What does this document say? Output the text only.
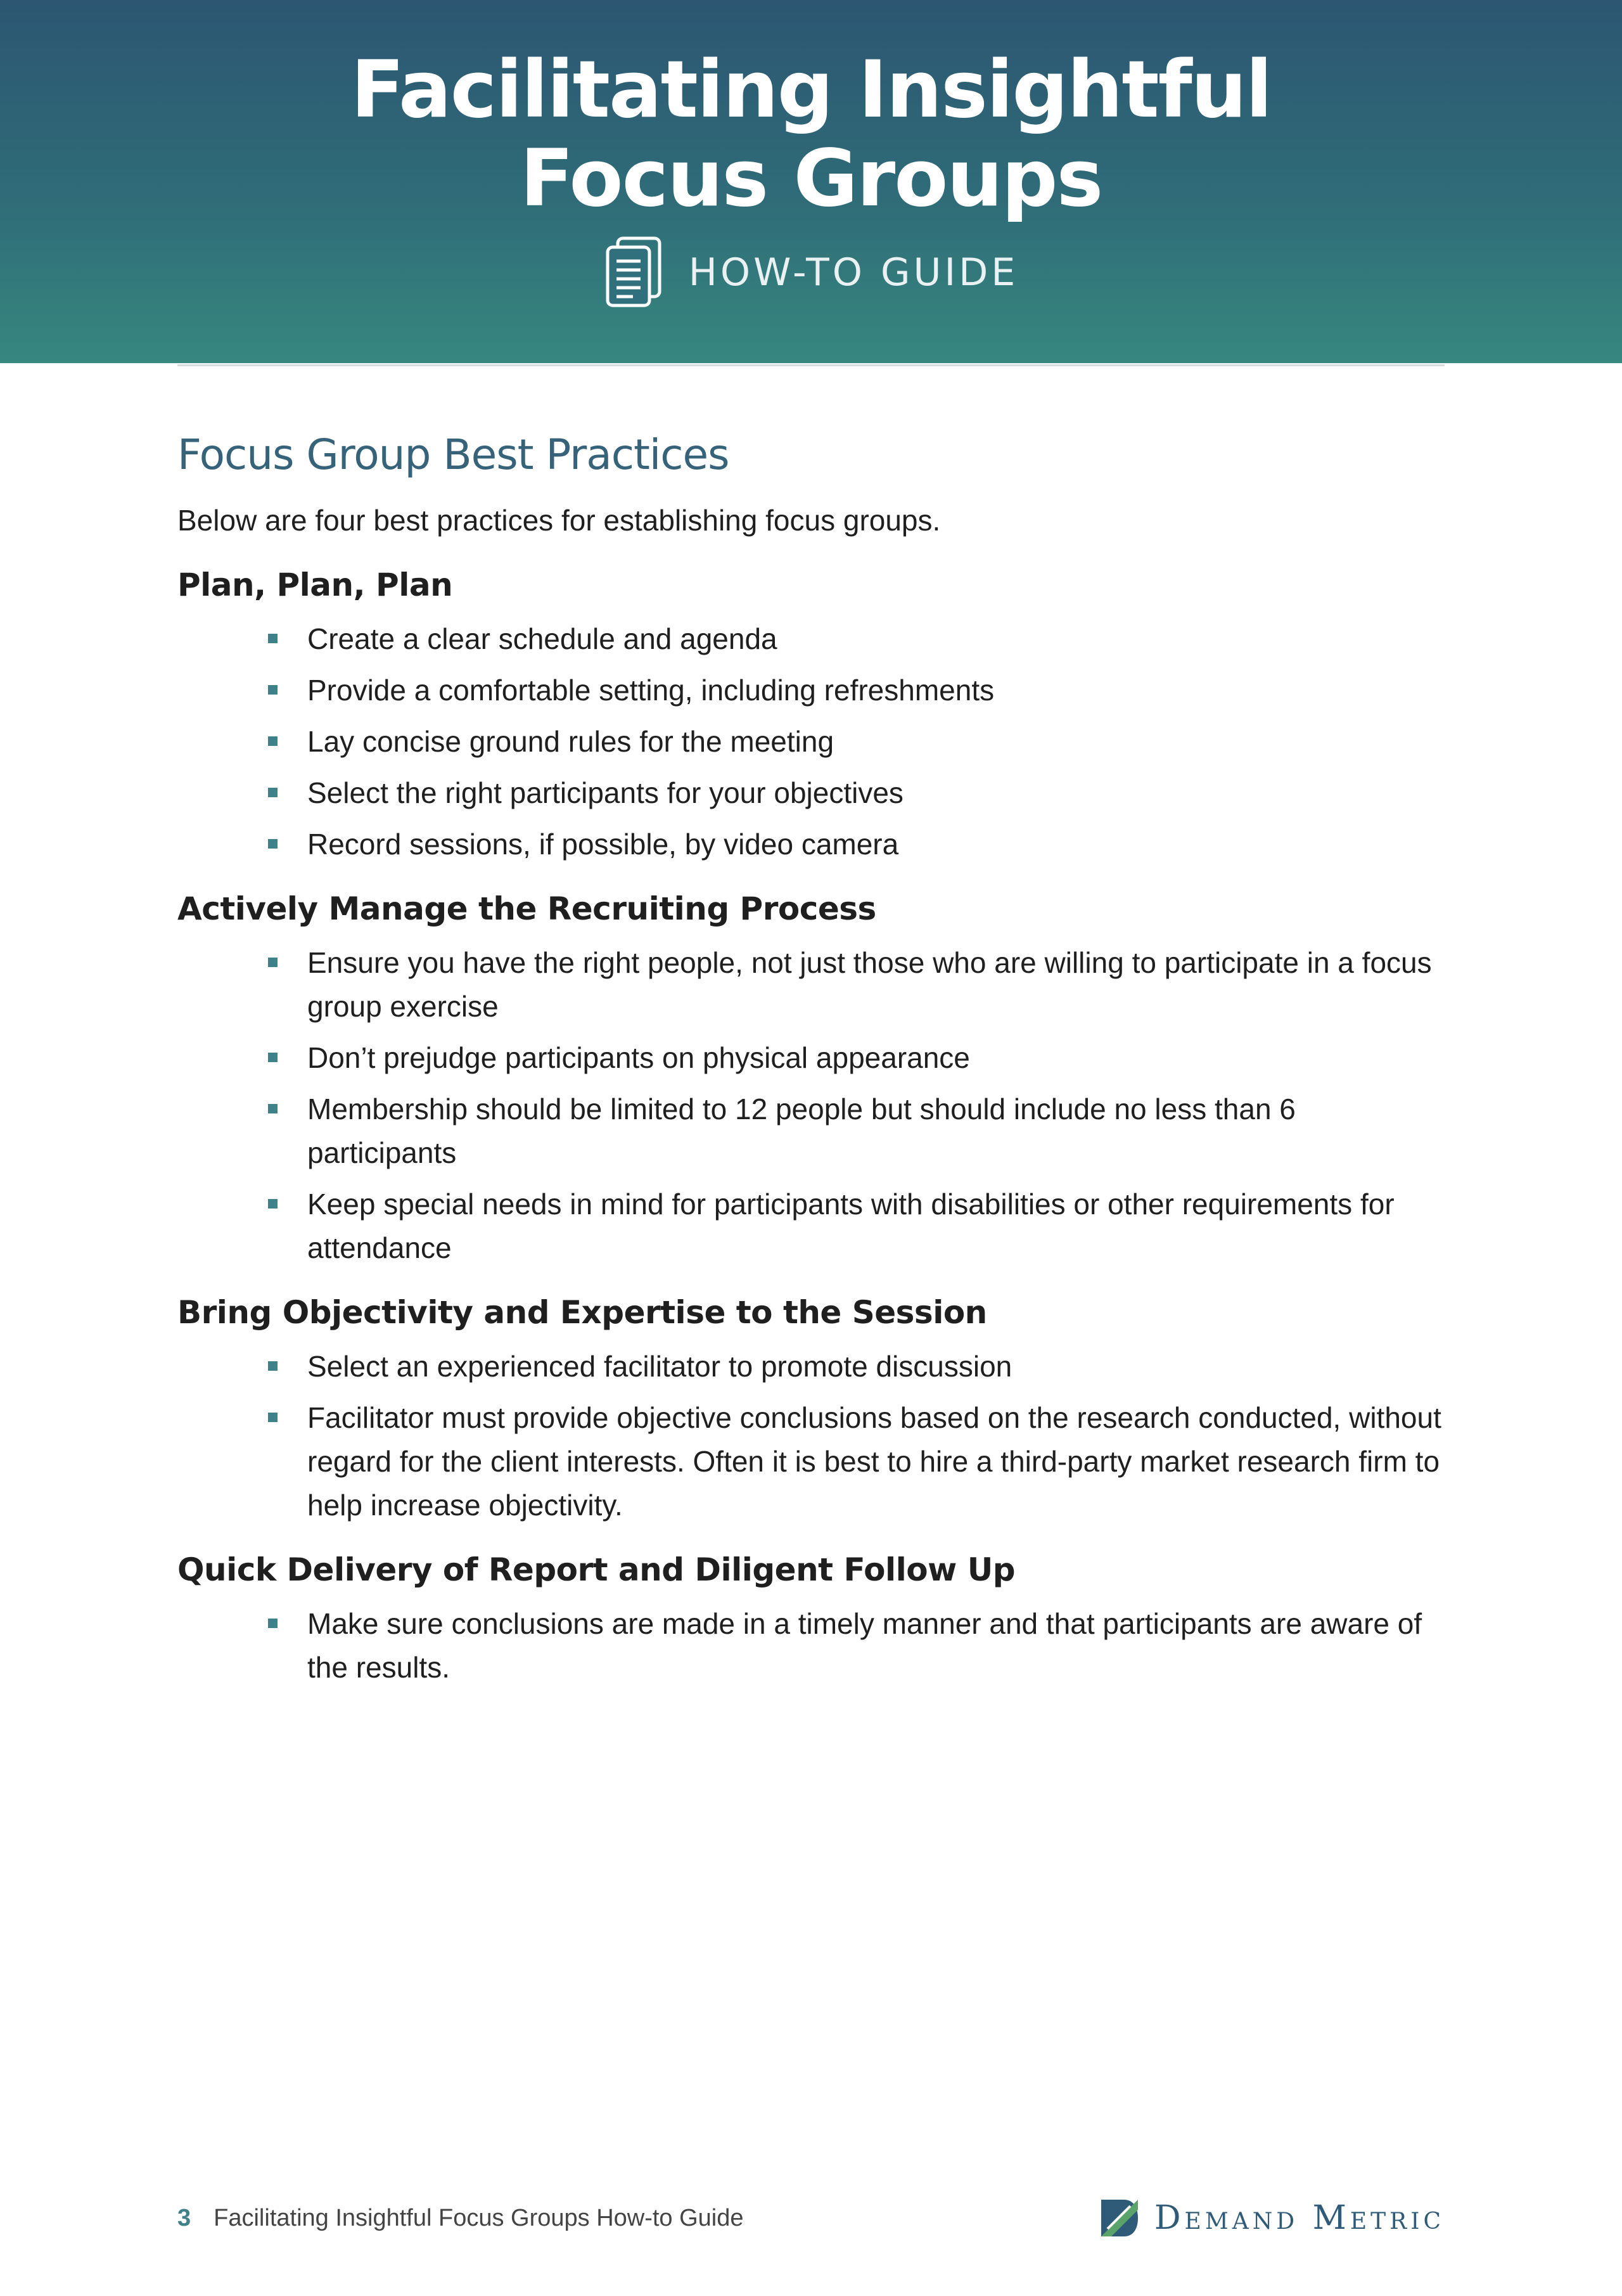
Facilitating Insightful
Focus Groups
HOW-TO GUIDE
Focus Group Best Practices

Below are four best practices for establishing focus groups.

Plan, Plan, Plan
Create a clear schedule and agenda
Provide a comfortable setting, including refreshments
Lay concise ground rules for the meeting
Select the right participants for your objectives
Record sessions, if possible, by video camera
Actively Manage the Recruiting Process
Ensure you have the right people, not just those who are willing to participate in a focus group exercise
Don’t prejudge participants on physical appearance
Membership should be limited to 12 people but should include no less than 6 participants
Keep special needs in mind for participants with disabilities or other requirements for attendance
Bring Objectivity and Expertise to the Session
Select an experienced facilitator to promote discussion
Facilitator must provide objective conclusions based on the research conducted, without regard for the client interests. Often it is best to hire a third-party market research firm to help increase objectivity.
Quick Delivery of Report and Diligent Follow Up
Make sure conclusions are made in a timely manner and that participants are aware of the results.
3 Facilitating Insightful Focus Groups How-to Guide	Demand Metric
